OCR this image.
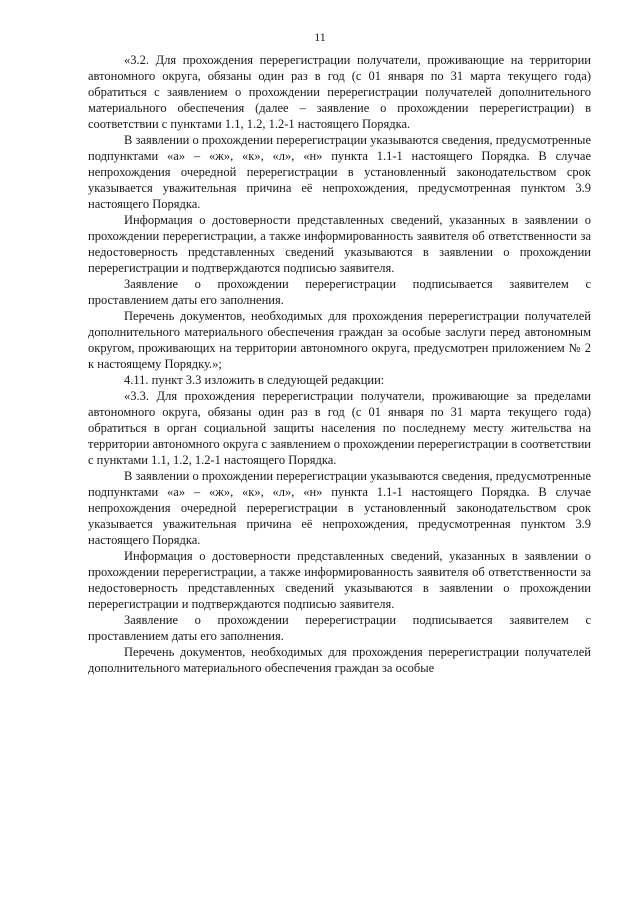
11

«3.2. Для прохождения перерегистрации получатели, проживающие на территории автономного округа, обязаны один раз в год (с 01 января по 31 марта текущего года) обратиться с заявлением о прохождении перерегистрации получателей дополнительного материального обеспечения (далее – заявление о прохождении перерегистрации) в соответствии с пунктами 1.1, 1.2, 1.2-1 настоящего Порядка.

В заявлении о прохождении перерегистрации указываются сведения, предусмотренные подпунктами «а» – «ж», «к», «л», «н» пункта 1.1-1 настоящего Порядка. В случае непрохождения очередной перерегистрации в установленный законодательством срок указывается уважительная причина её непрохождения, предусмотренная пунктом 3.9 настоящего Порядка.

Информация о достоверности представленных сведений, указанных в заявлении о прохождении перерегистрации, а также информированность заявителя об ответственности за недостоверность представленных сведений указываются в заявлении о прохождении перерегистрации и подтверждаются подписью заявителя.

Заявление о прохождении перерегистрации подписывается заявителем с проставлением даты его заполнения.

Перечень документов, необходимых для прохождения перерегистрации получателей дополнительного материального обеспечения граждан за особые заслуги перед автономным округом, проживающих на территории автономного округа, предусмотрен приложением № 2 к настоящему Порядку.»;

4.11. пункт 3.3 изложить в следующей редакции:

«3.3. Для прохождения перерегистрации получатели, проживающие за пределами автономного округа, обязаны один раз в год (с 01 января по 31 марта текущего года) обратиться в орган социальной защиты населения по последнему месту жительства на территории автономного округа с заявлением о прохождении перерегистрации в соответствии с пунктами 1.1, 1.2, 1.2-1 настоящего Порядка.

В заявлении о прохождении перерегистрации указываются сведения, предусмотренные подпунктами «а» – «ж», «к», «л», «н» пункта 1.1-1 настоящего Порядка. В случае непрохождения очередной перерегистрации в установленный законодательством срок указывается уважительная причина её непрохождения, предусмотренная пунктом 3.9 настоящего Порядка.

Информация о достоверности представленных сведений, указанных в заявлении о прохождении перерегистрации, а также информированность заявителя об ответственности за недостоверность представленных сведений указываются в заявлении о прохождении перерегистрации и подтверждаются подписью заявителя.

Заявление о прохождении перерегистрации подписывается заявителем с проставлением даты его заполнения.

Перечень документов, необходимых для прохождения перерегистрации получателей дополнительного материального обеспечения граждан за особые
